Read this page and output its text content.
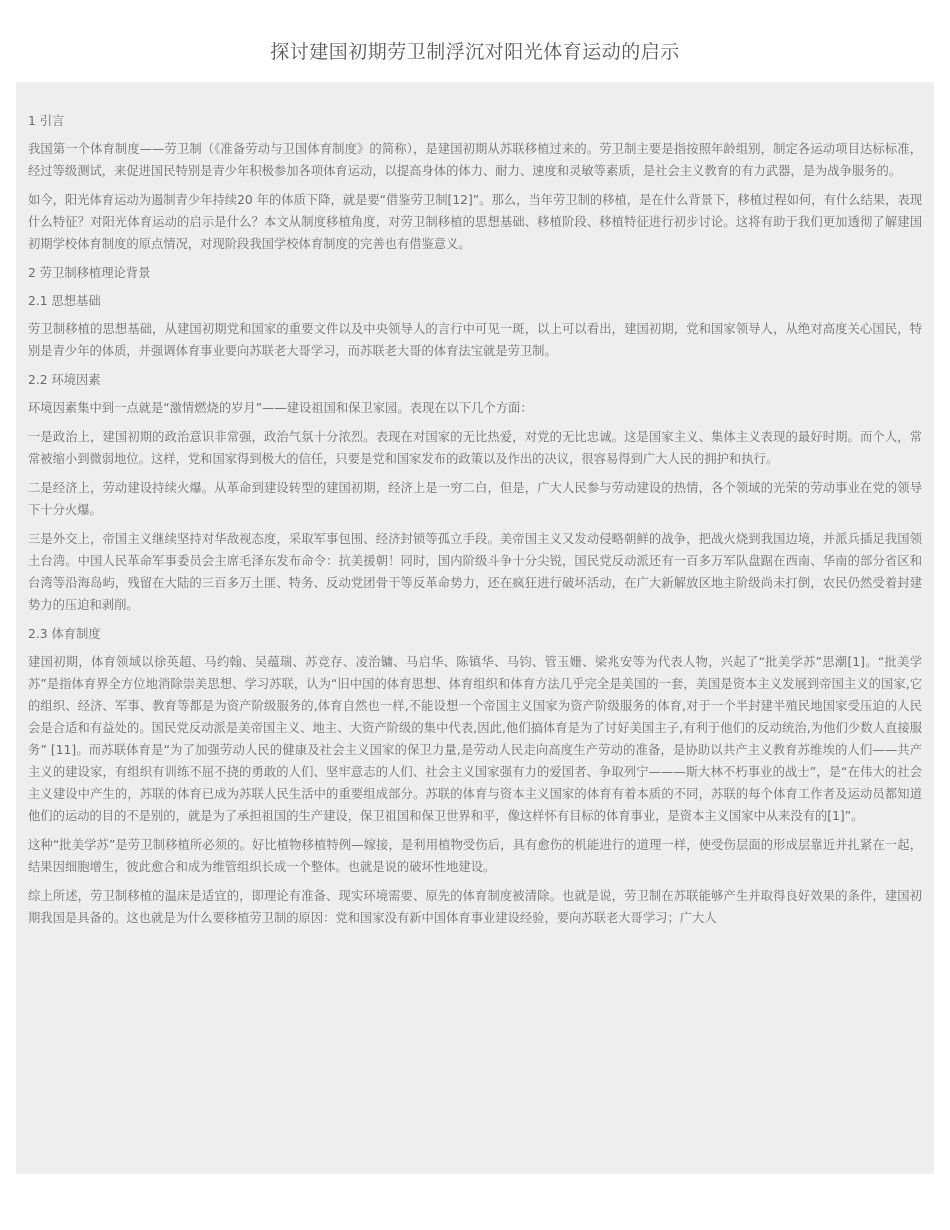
探讨建国初期劳卫制浮沉对阳光体育运动的启示

1 引言

我国第一个体育制度——劳卫制（《准备劳动与卫国体育制度》的简称），是建国初期从苏联移植过来的。劳卫制主要是指按照年龄组别，制定各运动项目达标标准，经过等级测试，来促进国民特别是青少年积极参加各项体育运动，以提高身体的体力、耐力、速度和灵敏等素质，是社会主义教育的有力武器，是为战争服务的。

如今，阳光体育运动为遏制青少年持续20 年的体质下降，就是要“借鉴劳卫制[12]”。那么，当年劳卫制的移植，是在什么背景下，移植过程如何，有什么结果，表现什么特征？对阳光体育运动的启示是什么？本文从制度移植角度，对劳卫制移植的思想基础、移植阶段、移植特征进行初步讨论。这将有助于我们更加透彻了解建国初期学校体育制度的原点情况，对现阶段我国学校体育制度的完善也有借鉴意义。

2 劳卫制移植理论背景

2.1 思想基础

劳卫制移植的思想基础，从建国初期党和国家的重要文件以及中央领导人的言行中可见一斑，以上可以看出，建国初期，党和国家领导人，从绝对高度关心国民，特别是青少年的体质，并强调体育事业要向苏联老大哥学习，而苏联老大哥的体育法宝就是劳卫制。

2.2 环境因素

环境因素集中到一点就是“激情燃烧的岁月”——建设祖国和保卫家园。表现在以下几个方面：

一是政治上，建国初期的政治意识非常强，政治气氛十分浓烈。表现在对国家的无比热爱，对党的无比忠诚。这是国家主义、集体主义表现的最好时期。而个人，常常被缩小到微弱地位。这样，党和国家得到极大的信任，只要是党和国家发布的政策以及作出的决议，很容易得到广大人民的拥护和执行。

二是经济上，劳动建设持续火爆。从革命到建设转型的建国初期，经济上是一穷二白，但是，广大人民参与劳动建设的热情，各个领域的光荣的劳动事业在党的领导下十分火爆。

三是外交上，帝国主义继续坚持对华敌视态度，采取军事包围、经济封锁等孤立手段。美帝国主义又发动侵略朝鲜的战争，把战火烧到我国边境，并派兵插足我国领土台湾。中国人民革命军事委员会主席毛泽东发布命令：抗美援朝！同时，国内阶级斗争十分尖锐，国民党反动派还有一百多万军队盘踞在西南、华南的部分省区和台湾等沿海岛屿，残留在大陆的三百多万土匪、特务、反动党团骨干等反革命势力，还在疯狂进行破坏活动，在广大新解放区地主阶级尚未打倒，农民仍然受着封建势力的压迫和剥削。

2.3 体育制度

建国初期，体育领域以徐英超、马约翰、吴蕴瑞、苏竞存、凌治镛、马启华、陈镇华、马钧、管玉姗、梁兆安等为代表人物，兴起了“批美学苏”思潮[1]。“批美学苏”是指体育界全方位地消除崇美思想、学习苏联，认为“旧中国的体育思想、体育组织和体育方法几乎完全是美国的一套，美国是资本主义发展到帝国主义的国家,它的组织、经济、军事、教育等都是为资产阶级服务的,体育自然也一样,不能设想一个帝国主义国家为资产阶级服务的体育,对于一个半封建半殖民地国家受压迫的人民会是合适和有益处的。国民党反动派是美帝国主义、地主、大资产阶级的集中代表,因此,他们搞体育是为了讨好美国主子,有利于他们的反动统治,为他们少数人直接服务” [11]。而苏联体育是“为了加强劳动人民的健康及社会主义国家的保卫力量,是劳动人民走向高度生产劳动的准备，是协助以共产主义教育苏维埃的人们——共产主义的建设家，有组织有训练不屈不挠的勇敢的人们、坚牢意志的人们、社会主义国家强有力的爱国者、争取列宁———斯大林不朽事业的战士”，是“在伟大的社会主义建设中产生的，苏联的体育已成为苏联人民生活中的重要组成部分。苏联的体育与资本主义国家的体育有着本质的不同，苏联的每个体育工作者及运动员都知道他们的运动的目的不是别的，就是为了承担祖国的生产建设，保卫祖国和保卫世界和平，像这样怀有目标的体育事业，是资本主义国家中从来没有的[1]”。

这种“批美学苏”是劳卫制移植所必须的。好比植物移植特例—嫁接，是利用植物受伤后，具有愈伤的机能进行的道理一样，使受伤层面的形成层靠近并扎紧在一起，结果因细胞增生，彼此愈合和成为维管组织长成一个整体。也就是说的破坏性地建设。

综上所述，劳卫制移植的温床是适宜的，即理论有准备、现实环境需要、原先的体育制度被清除。也就是说，劳卫制在苏联能够产生并取得良好效果的条件，建国初期我国是具备的。这也就是为什么要移植劳卫制的原因：党和国家没有新中国体育事业建设经验，要向苏联老大哥学习；广大人
